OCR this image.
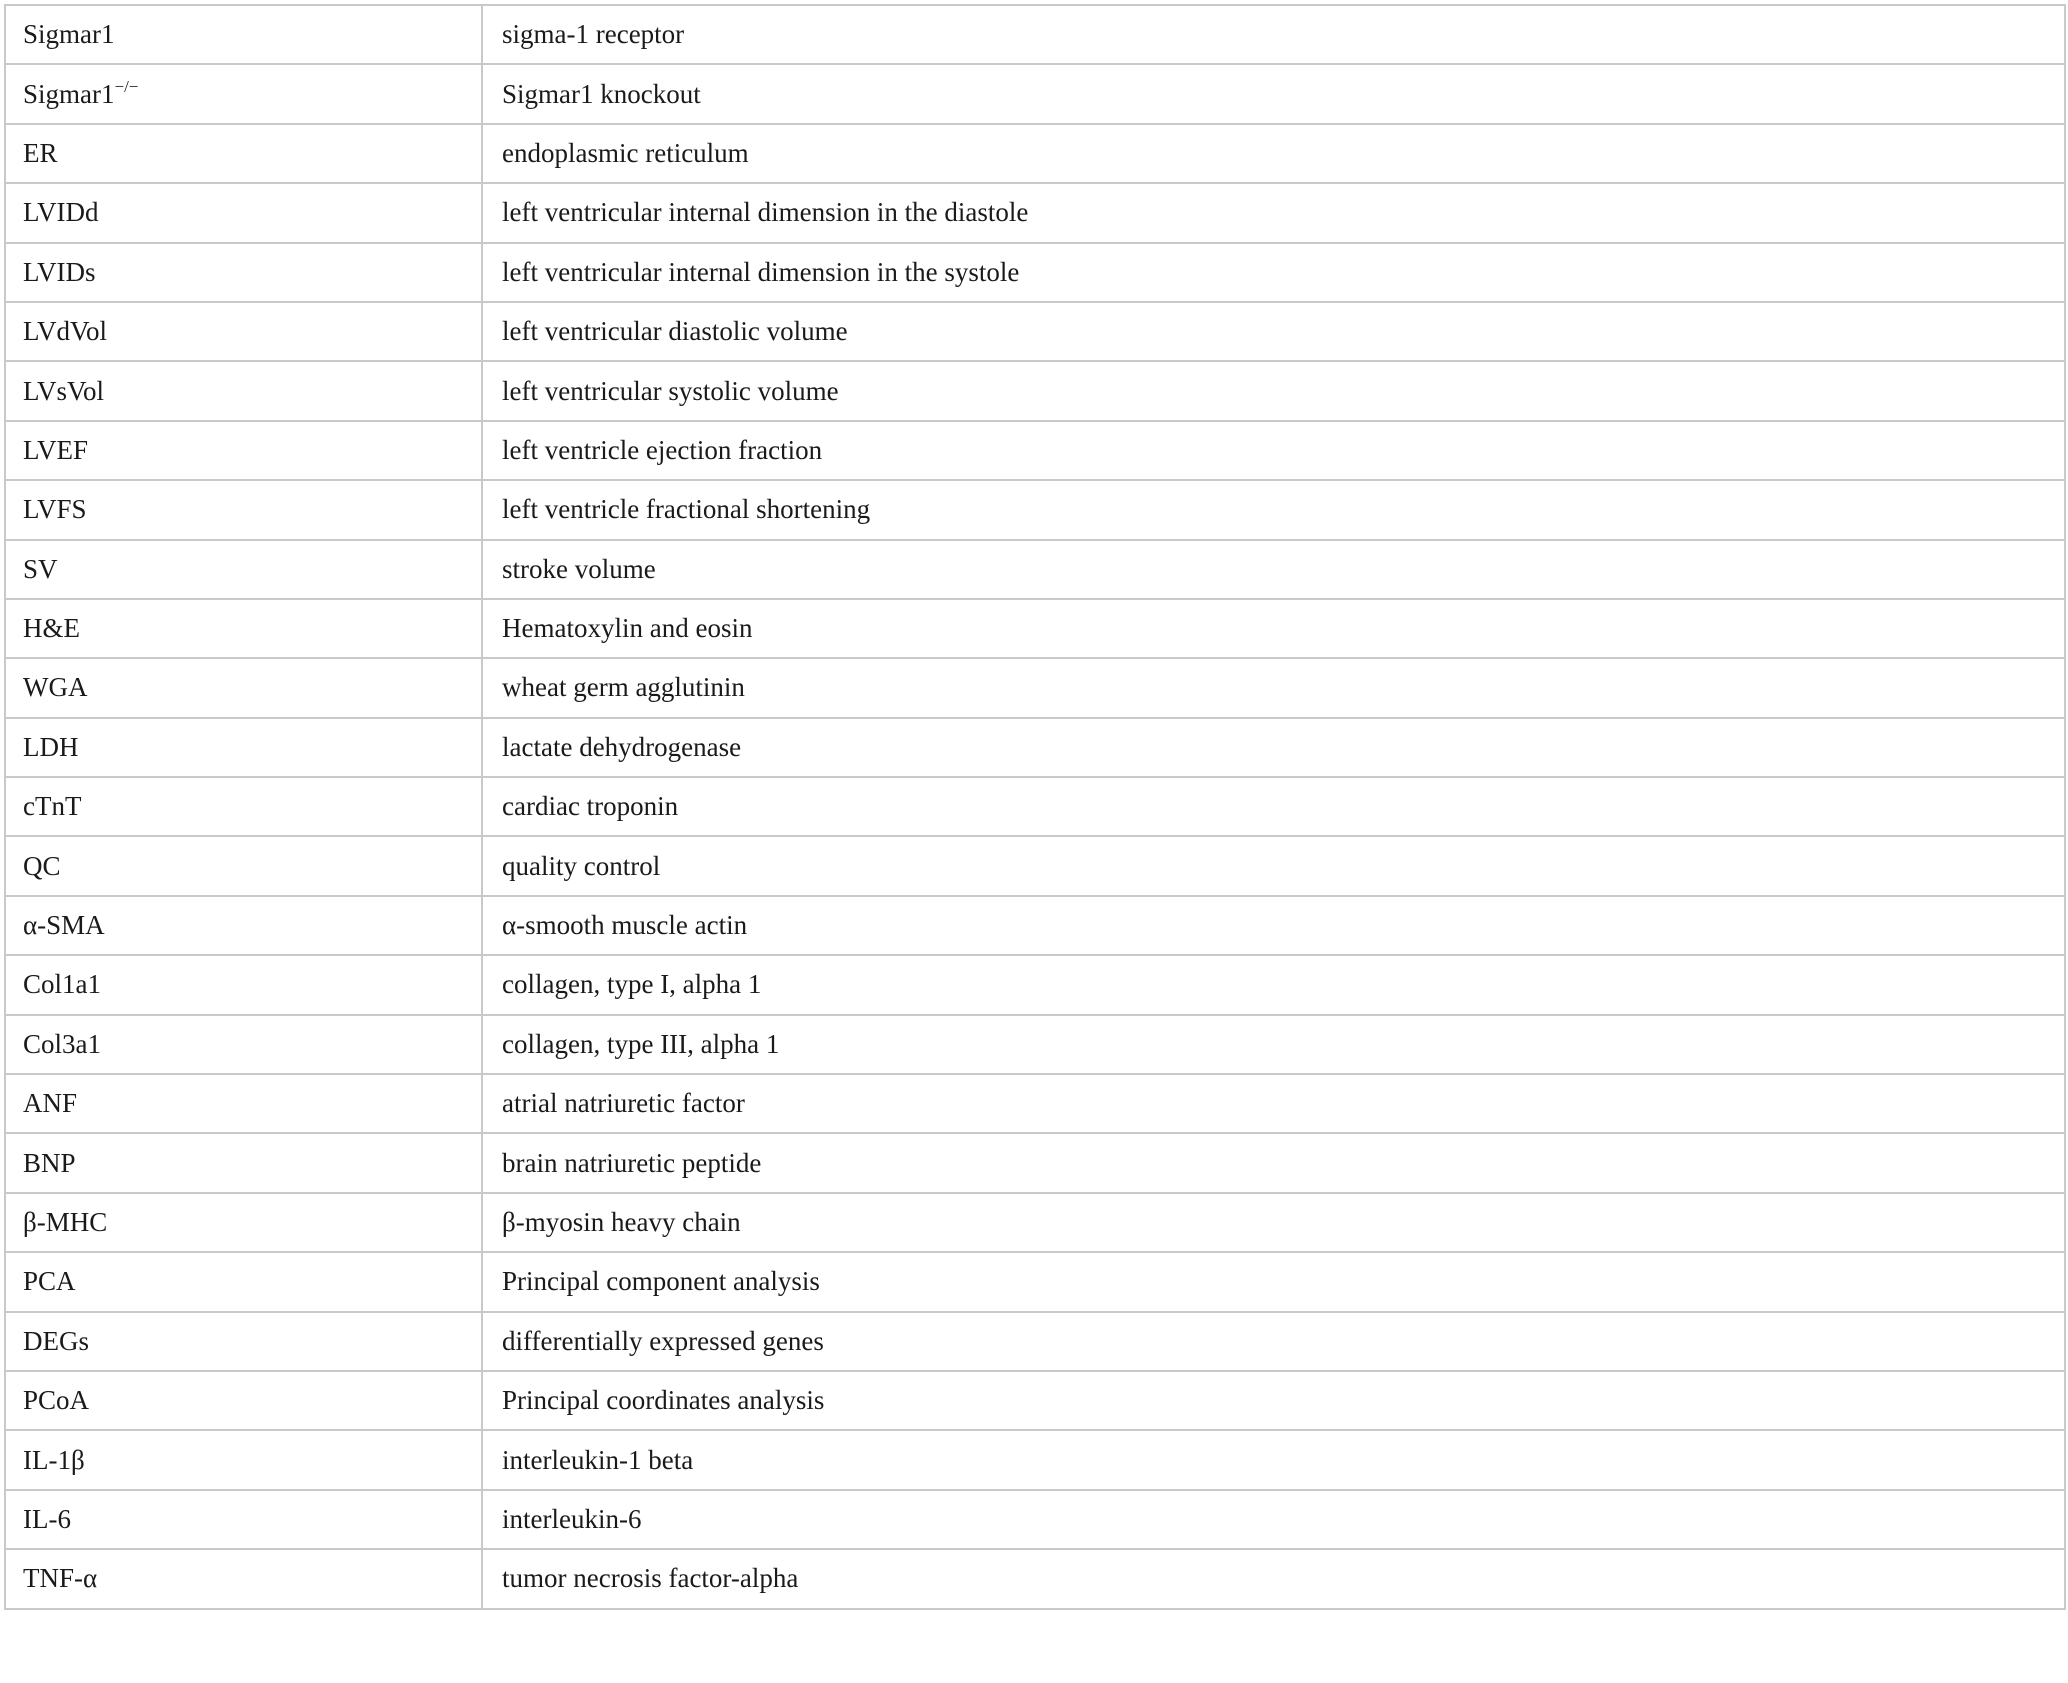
Sigmar1	sigma-1 receptor
Sigmar1−/−	Sigmar1 knockout
ER	endoplasmic reticulum
LVIDd	left ventricular internal dimension in the diastole
LVIDs	left ventricular internal dimension in the systole
LVdVol	left ventricular diastolic volume
LVsVol	left ventricular systolic volume
LVEF	left ventricle ejection fraction
LVFS	left ventricle fractional shortening
SV	stroke volume
H&E	Hematoxylin and eosin
WGA	wheat germ agglutinin
LDH	lactate dehydrogenase
cTnT	cardiac troponin
QC	quality control
α-SMA	α-smooth muscle actin
Col1a1	collagen, type I, alpha 1
Col3a1	collagen, type III, alpha 1
ANF	atrial natriuretic factor
BNP	brain natriuretic peptide
β-MHC	β-myosin heavy chain
PCA	Principal component analysis
DEGs	differentially expressed genes
PCoA	Principal coordinates analysis
IL-1β	interleukin-1 beta
IL-6	interleukin-6
TNF-α	tumor necrosis factor-alpha
